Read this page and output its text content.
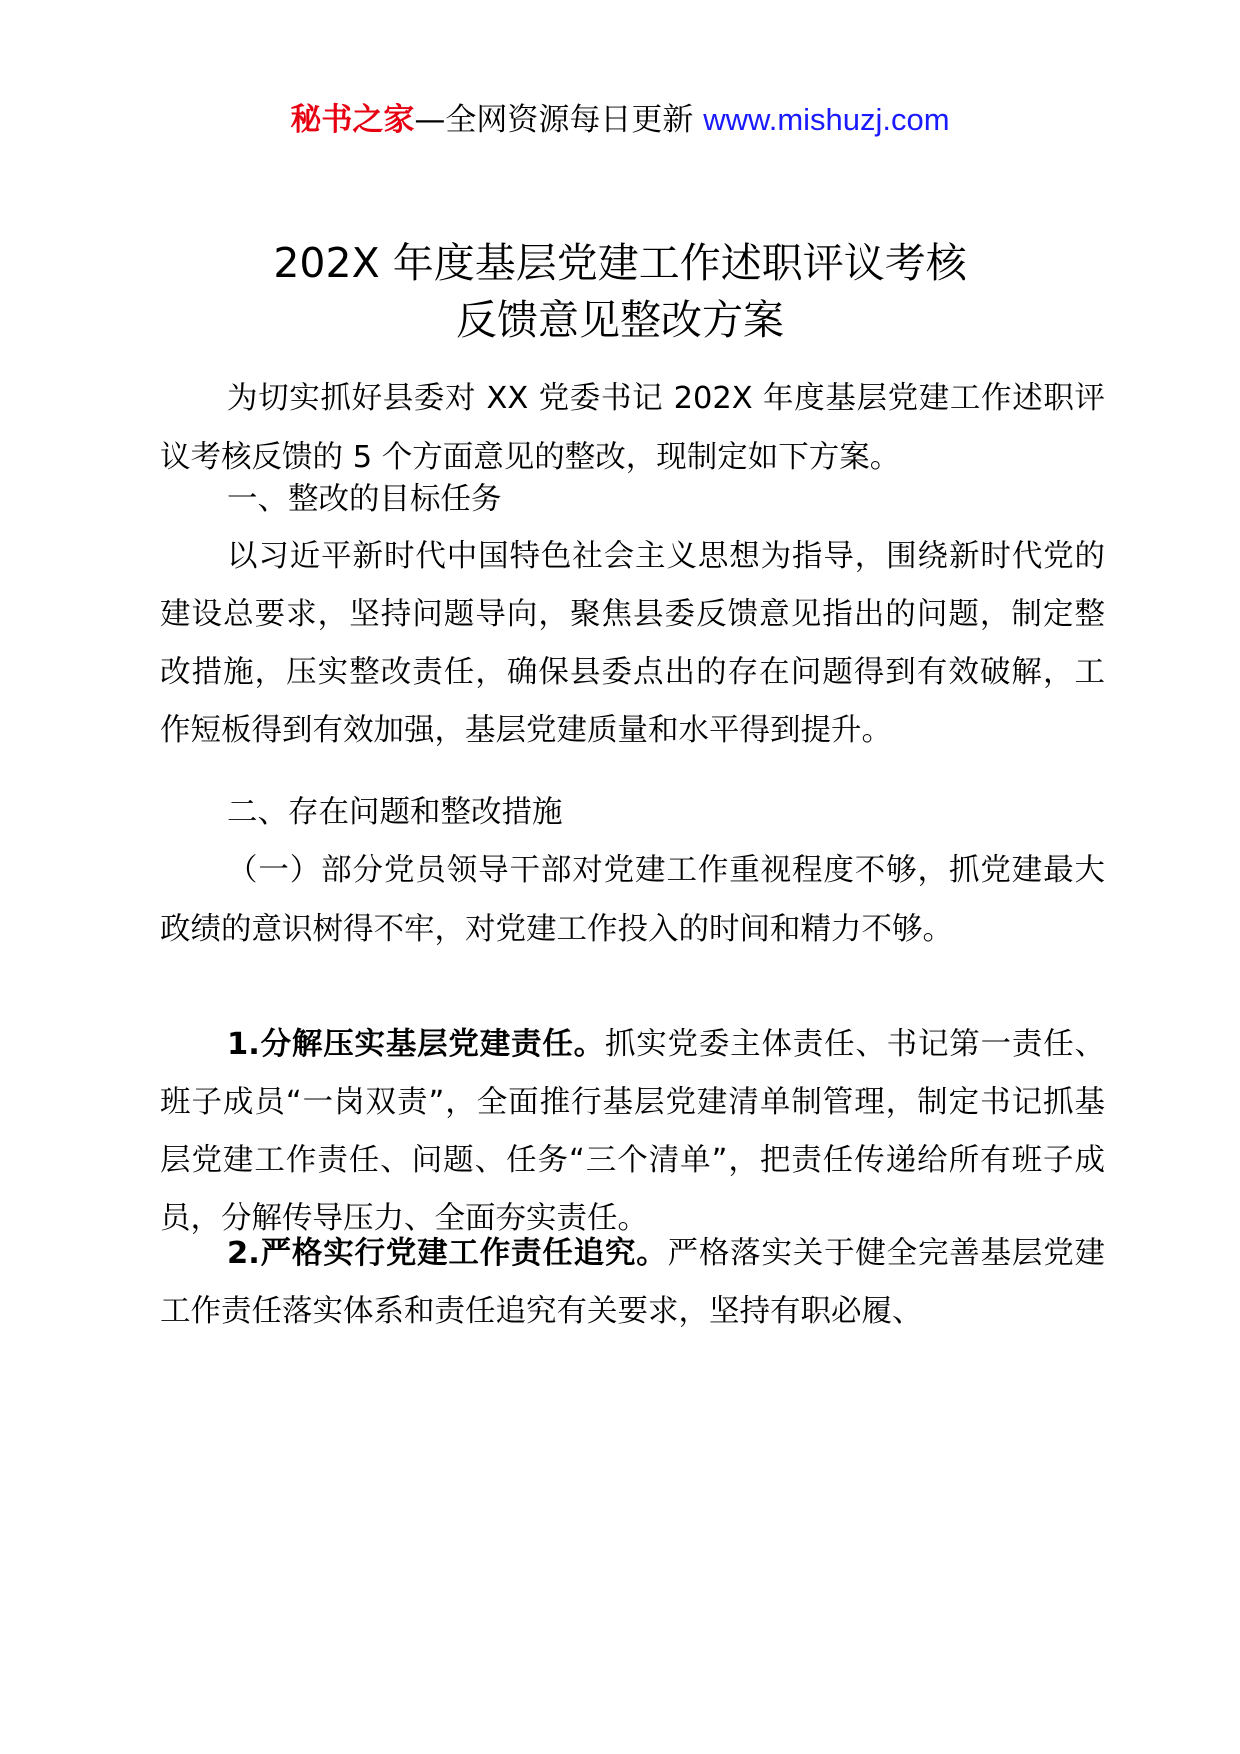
秘书之家—全网资源每日更新 www.mishuzj.com
202X 年度基层党建工作述职评议考核
反馈意见整改方案

为切实抓好县委对 XX 党委书记 202X 年度基层党建工作述职评议考核反馈的 5 个方面意见的整改，现制定如下方案。

一、整改的目标任务

以习近平新时代中国特色社会主义思想为指导，围绕新时代党的建设总要求，坚持问题导向，聚焦县委反馈意见指出的问题，制定整改措施，压实整改责任，确保县委点出的存在问题得到有效破解，工作短板得到有效加强，基层党建质量和水平得到提升。

二、存在问题和整改措施

（一）部分党员领导干部对党建工作重视程度不够，抓党建最大政绩的意识树得不牢，对党建工作投入的时间和精力不够。

1.分解压实基层党建责任。抓实党委主体责任、书记第一责任、班子成员“一岗双责”，全面推行基层党建清单制管理，制定书记抓基层党建工作责任、问题、任务“三个清单”，把责任传递给所有班子成员，分解传导压力、全面夯实责任。

2.严格实行党建工作责任追究。严格落实关于健全完善基层党建工作责任落实体系和责任追究有关要求，坚持有职必履、
